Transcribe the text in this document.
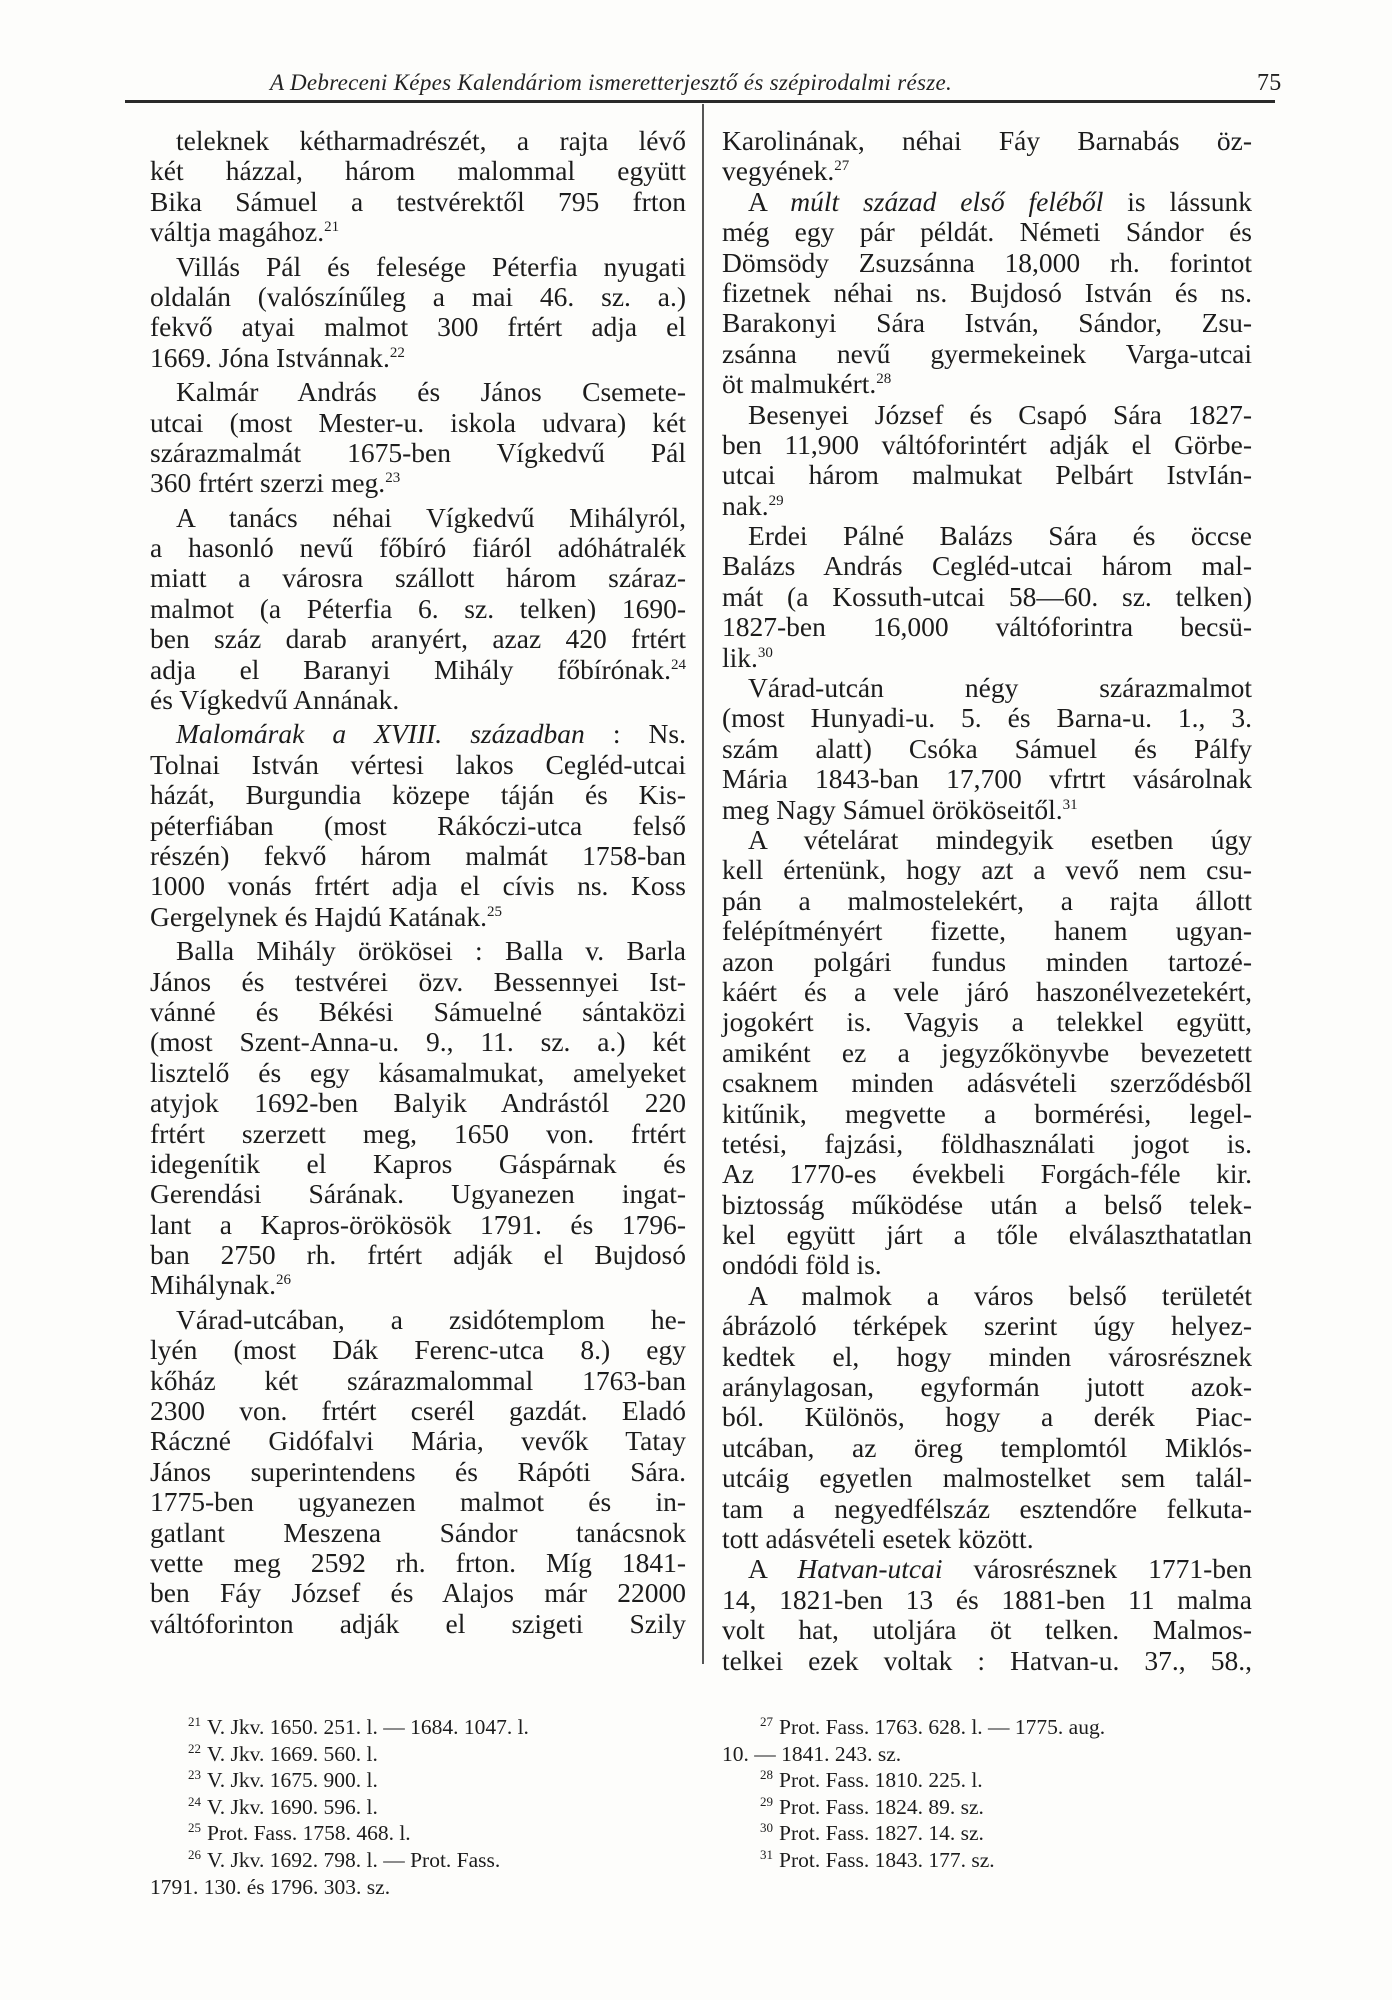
A Debreceni Képes Kalendáriom ismeretterjesztő és szépirodalmi része.	75
teleknek kétharmadrészét, a rajta lévő
két házzal, három malommal együtt
Bika Sámuel a testvérektől 795 frton
váltja magához.$^{21}$
Villás Pál és felesége Péterfia nyugati
oldalán (valószínűleg a mai 46. sz. a.)
fekvő atyai malmot 300 frtért adja el
1669. Jóna Istvánnak.$^{22}$
Kalmár András és János Csemete-
utcai (most Mester-u. iskola udvara) két
szárazmalmát 1675-ben Vígkedvű Pál
360 frtért szerzi meg.$^{23}$
A tanács néhai Vígkedvű Mihályról,
a hasonló nevű főbíró fiáról adóhátralék
miatt a városra szállott három száraz-
malmot (a Péterfia 6. sz. telken) 1690-
ben száz darab aranyért, azaz 420 frtért
adja el Baranyi Mihály főbírónak.$^{24}$
és Vígkedvű Annának.
Malomárak a XVIII. században : Ns.
Tolnai István vértesi lakos Cegléd-utcai
házát, Burgundia közepe táján és Kis-
péterfiában (most Rákóczi-utca felső
részén) fekvő három malmát 1758-ban
1000 vonás frtért adja el cívis ns. Koss
Gergelynek és Hajdú Katának.$^{25}$
Balla Mihály örökösei : Balla v. Barla
János és testvérei özv. Bessennyei Ist-
vánné és Békési Sámuelné sántaközi
(most Szent-Anna-u. 9., 11. sz. a.) két
lisztelő és egy kásamalmukat, amelyeket
atyjok 1692-ben Balyik Andrástól 220
frtért szerzett meg, 1650 von. frtért
idegenítik el Kapros Gáspárnak és
Gerendási Sárának. Ugyanezen ingat-
lant a Kapros-örökösök 1791. és 1796-
ban 2750 rh. frtért adják el Bujdosó
Mihálynak.$^{26}$
Várad-utcában, a zsidótemplom he-
lyén (most Dák Ferenc-utca 8.) egy
kőház két szárazmalommal 1763-ban
2300 von. frtért cserél gazdát. Eladó
Ráczné Gidófalvi Mária, vevők Tatay
János superintendens és Rápóti Sára.
1775-ben ugyanezen malmot és in-
gatlant Meszena Sándor tanácsnok
vette meg 2592 rh. frton. Míg 1841-
ben Fáy József és Alajos már 22000
váltóforinton adják el szigeti Szily
Karolinának, néhai Fáy Barnabás öz-
vegyének.$^{27}$
A múlt század első feléből is lássunk
még egy pár példát. Németi Sándor és
Dömsödy Zsuzsánna 18,000 rh. forintot
fizetnek néhai ns. Bujdosó István és ns.
Barakonyi Sára István, Sándor, Zsu-
zsánna nevű gyermekeinek Varga-utcai
öt malmukért.$^{28}$
Besenyei József és Csapó Sára 1827-
ben 11,900 váltóforintért adják el Görbe-
utcai három malmukat Pelbárt IstvIán-
nak.$^{29}$
Erdei Pálné Balázs Sára és öccse
Balázs András Cegléd-utcai három mal-
mát (a Kossuth-utcai 58—60. sz. telken)
1827-ben 16,000 váltóforintra becsü-
lik.$^{30}$
Várad-utcán négy szárazmalmot
(most Hunyadi-u. 5. és Barna-u. 1., 3.
szám alatt) Csóka Sámuel és Pálfy
Mária 1843-ban 17,700 vfrtrt vásárolnak
meg Nagy Sámuel örököseitől.$^{31}$
A vételárat mindegyik esetben úgy
kell értenünk, hogy azt a vevő nem csu-
pán a malmostelekért, a rajta állott
felépítményért fizette, hanem ugyan-
azon polgári fundus minden tartozé-
káért és a vele járó haszonélvezetekért,
jogokért is. Vagyis a telekkel együtt,
amiként ez a jegyzőkönyvbe bevezetett
csaknem minden adásvételi szerződésből
kitűnik, megvette a bormérési, legel-
tetési, fajzási, földhasználati jogot is.
Az 1770-es évekbeli Forgách-féle kir.
biztosság működése után a belső telek-
kel együtt járt a tőle elválaszthatatlan
ondódi föld is.
A malmok a város belső területét
ábrázoló térképek szerint úgy helyez-
kedtek el, hogy minden városrésznek
aránylagosan, egyformán jutott azok-
ból. Különös, hogy a derék Piac-
utcában, az öreg templomtól Miklós-
utcáig egyetlen malmostelket sem talál-
tam a negyedfélszáz esztendőre felkuta-
tott adásvételi esetek között.
A Hatvan-utcai városrésznek 1771-ben
14, 1821-ben 13 és 1881-ben 11 malma
volt hat, utoljára öt telken. Malmos-
telkei ezek voltak : Hatvan-u. 37., 58.,
$^{21}$ V. Jkv. 1650. 251. l. — 1684. 1047. l.
$^{22}$ V. Jkv. 1669. 560. l.
$^{23}$ V. Jkv. 1675. 900. l.
$^{24}$ V. Jkv. 1690. 596. l.
$^{25}$ Prot. Fass. 1758. 468. l.
$^{26}$ V. Jkv. 1692. 798. l. — Prot. Fass.
1791. 130. és 1796. 303. sz.
$^{27}$ Prot. Fass. 1763. 628. l. — 1775. aug.
10. — 1841. 243. sz.
$^{28}$ Prot. Fass. 1810. 225. l.
$^{29}$ Prot. Fass. 1824. 89. sz.
$^{30}$ Prot. Fass. 1827. 14. sz.
$^{31}$ Prot. Fass. 1843. 177. sz.
